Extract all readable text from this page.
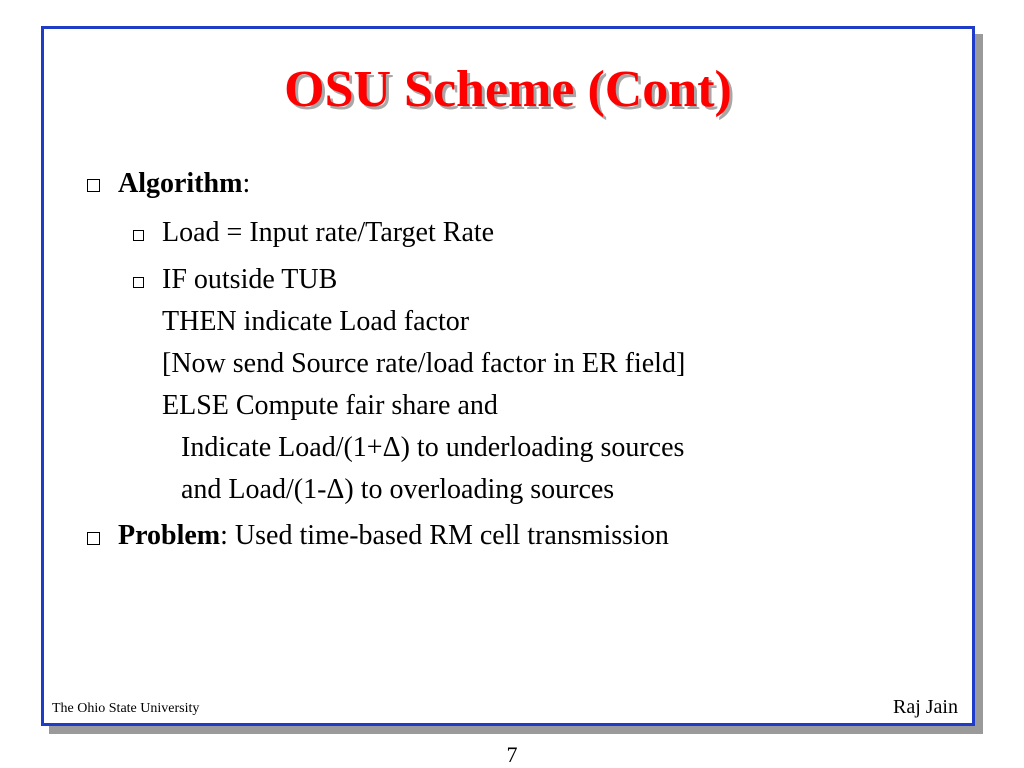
OSU Scheme (Cont)
Algorithm:
Load = Input rate/Target Rate
IF outside TUB
THEN indicate Load factor
[Now send Source rate/load factor in ER field]
ELSE Compute fair share and
Indicate Load/(1+Δ) to underloading sources
and Load/(1-Δ) to overloading sources
Problem: Used time-based RM cell transmission
The Ohio State University	Raj Jain
7
